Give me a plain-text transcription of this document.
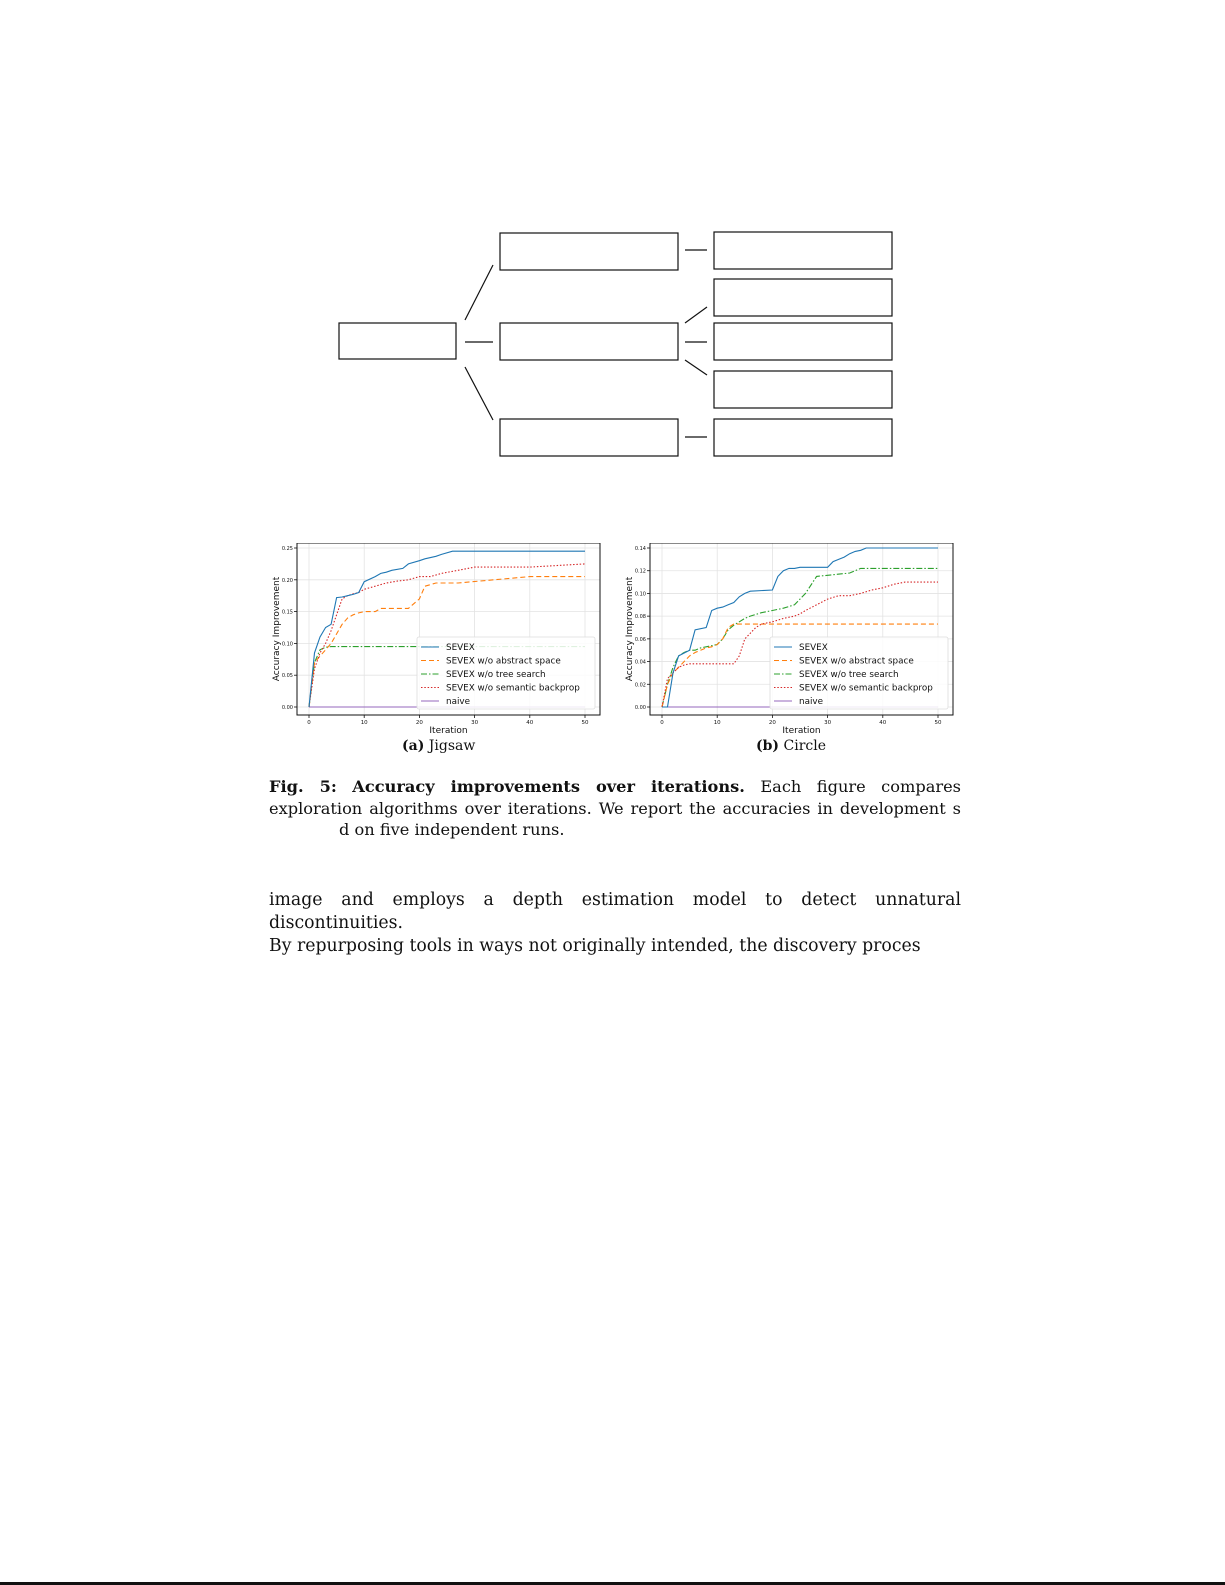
0	10	20	30	40	50
0.00
0.05
0.10
0.15
0.20
0.25
Iteration
Accuracy Improvement	SEVEX
SEVEX w/o abstract space
SEVEX w/o tree search
SEVEX w/o semantic backprop
naive
0	10	20	30	40	50
0.00
0.02
0.04
0.06
0.08
0.10
0.12
0.14
Iteration
Accuracy Improvement	SEVEX
SEVEX w/o abstract space
SEVEX w/o tree search
SEVEX w/o semantic backprop
naive
(a) Jigsaw	(b) Circle
Fig. 5: Accuracy improvements over iterations. Each figure compares exploration algorithms over iterations. We report the accuracies in development sd on five independent runs.

image and employs a depth estimation model to detect unnatural discontinuities.

By repurposing tools in ways not originally intended, the discovery proces
